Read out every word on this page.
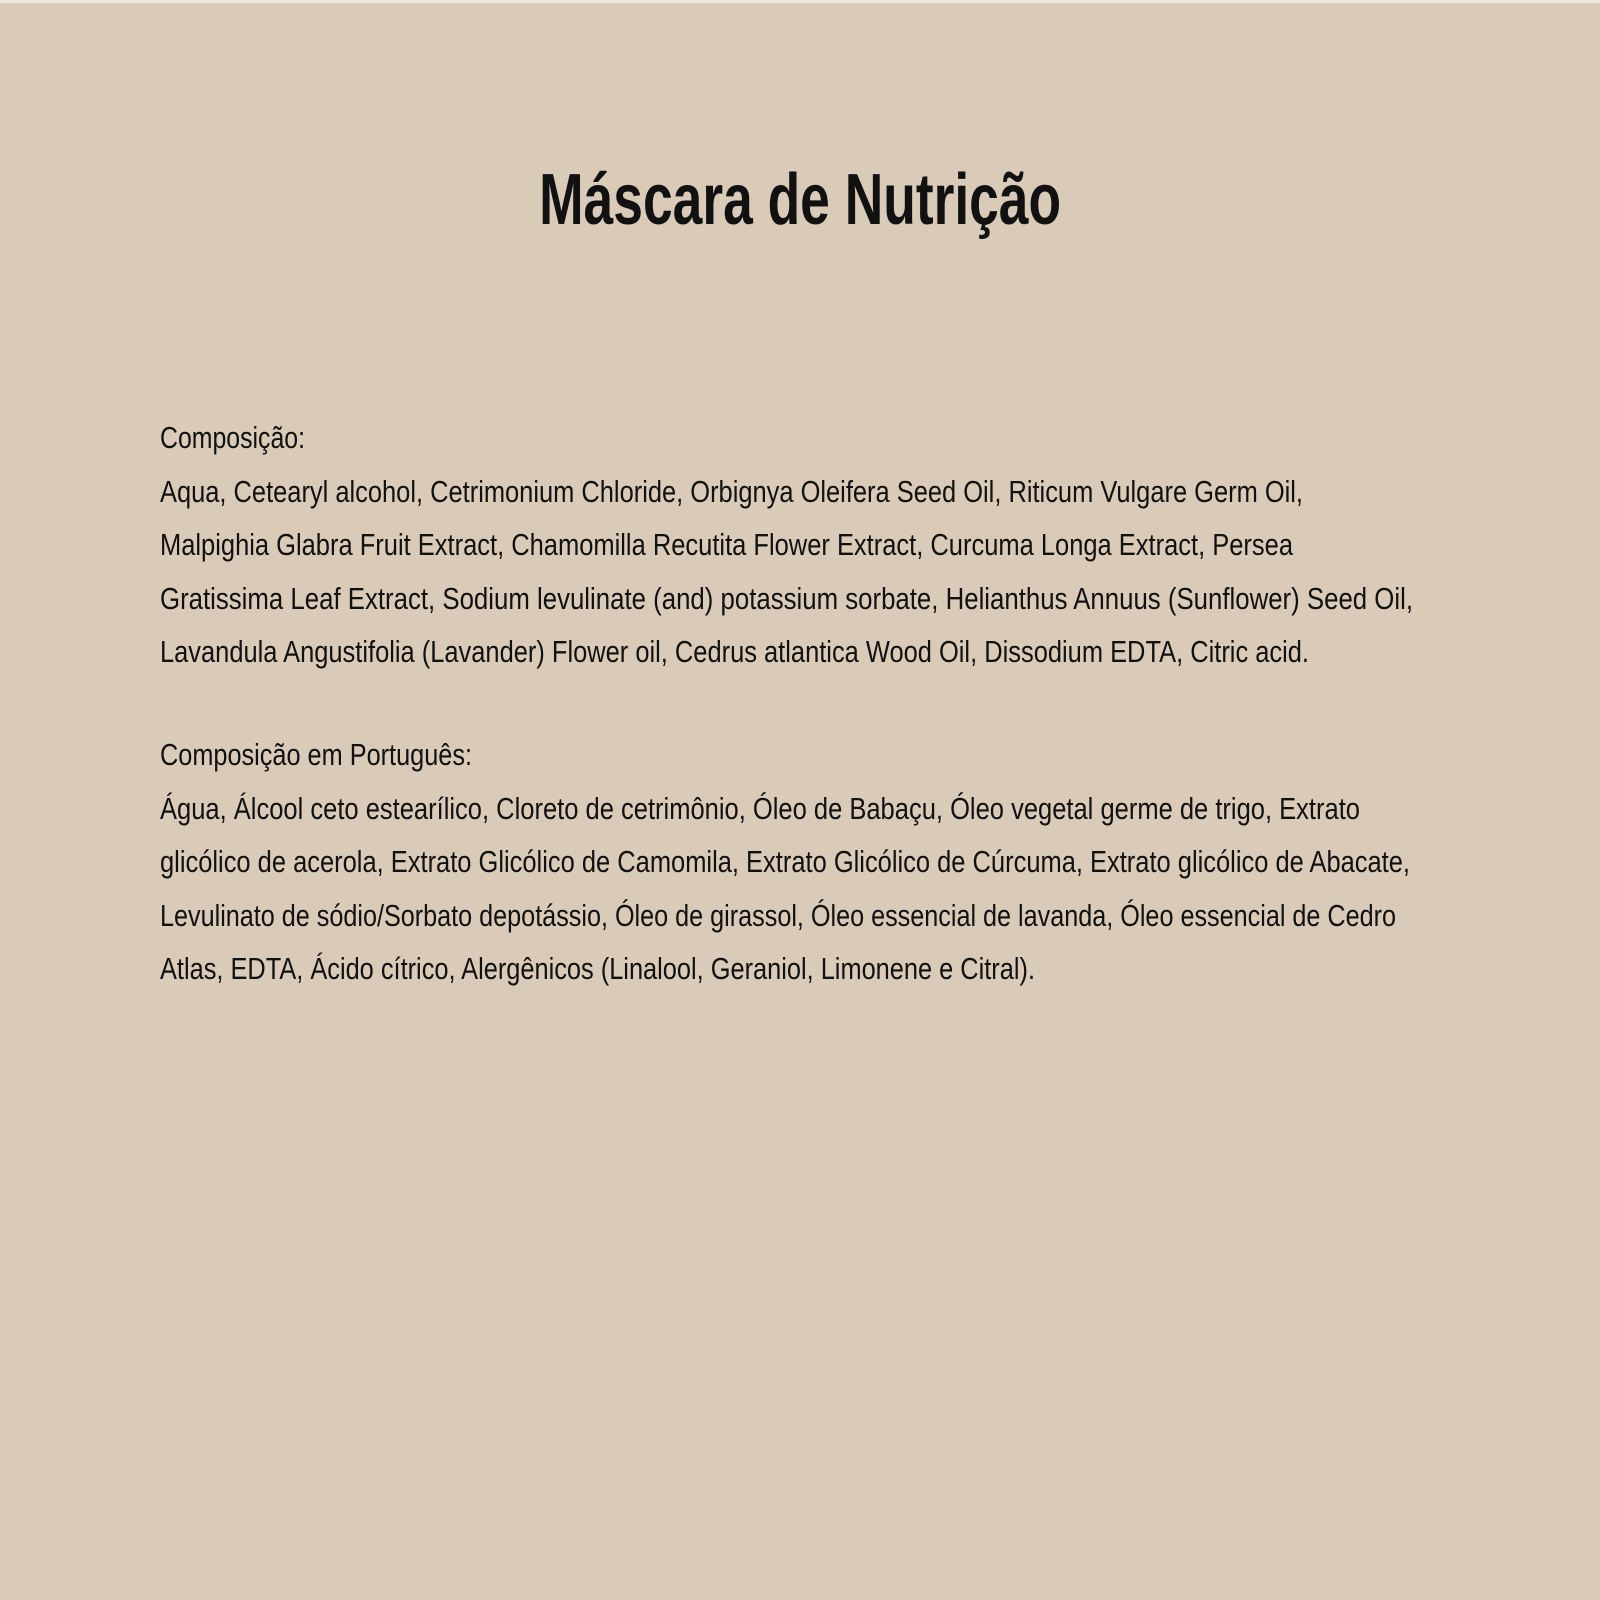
Máscara de Nutrição
Composição:
Aqua, Cetearyl alcohol, Cetrimonium Chloride, Orbignya Oleifera Seed Oil, Riticum Vulgare Germ Oil,
Malpighia Glabra Fruit Extract, Chamomilla Recutita Flower Extract, Curcuma Longa Extract, Persea
Gratissima Leaf Extract, Sodium levulinate (and) potassium sorbate, Helianthus Annuus (Sunflower) Seed Oil,
Lavandula Angustifolia (Lavander) Flower oil, Cedrus atlantica Wood Oil, Dissodium EDTA, Citric acid.
Composição em Português:
Água, Álcool ceto estearílico, Cloreto de cetrimônio, Óleo de Babaçu, Óleo vegetal germe de trigo, Extrato
glicólico de acerola, Extrato Glicólico de Camomila, Extrato Glicólico de Cúrcuma, Extrato glicólico de Abacate,
Levulinato de sódio/Sorbato depotássio, Óleo de girassol, Óleo essencial de lavanda, Óleo essencial de Cedro
Atlas, EDTA, Ácido cítrico, Alergênicos (Linalool, Geraniol, Limonene e Citral).
